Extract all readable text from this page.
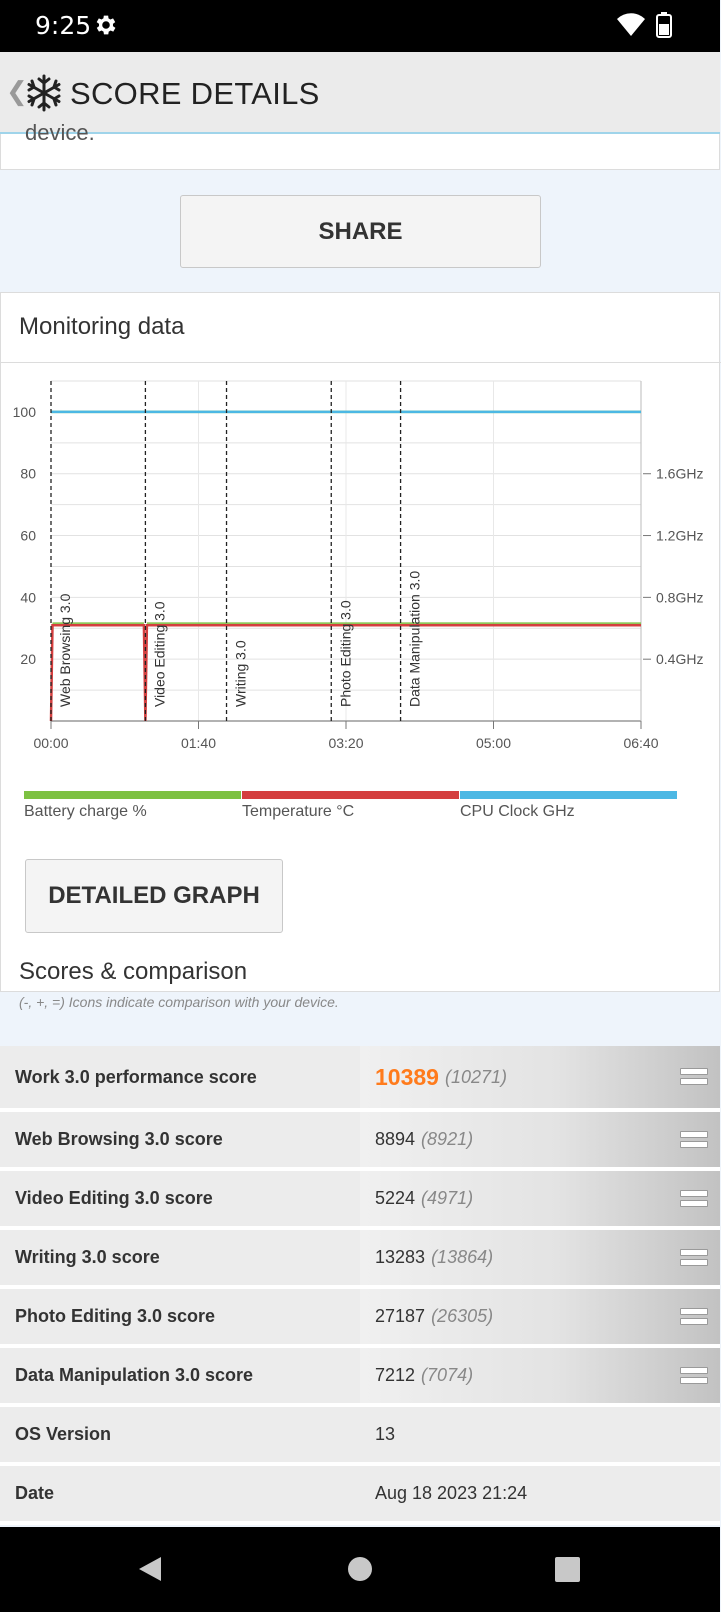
9:25
❮ SCORE DETAILS
device.
SHARE
Monitoring data
20
40
60
80
100
0.4GHz
0.8GHz
1.2GHz
1.6GHz
00:00	01:40	03:20	05:00	06:40
Web Browsing 3.0	Video Editing 3.0	Writing 3.0	Photo Editing 3.0	Data Manipulation 3.0
Battery charge %	Temperature °C	CPU Clock GHz
DETAILED GRAPH
Scores & comparison
(-, +, =) Icons indicate comparison with your device.
Work 3.0 performance score	10389 (10271)
Web Browsing 3.0 score	8894 (8921)
Video Editing 3.0 score	5224 (4971)
Writing 3.0 score	13283 (13864)
Photo Editing 3.0 score	27187 (26305)
Data Manipulation 3.0 score	7212 (7074)
OS Version	13
Date	Aug 18 2023 21:24
